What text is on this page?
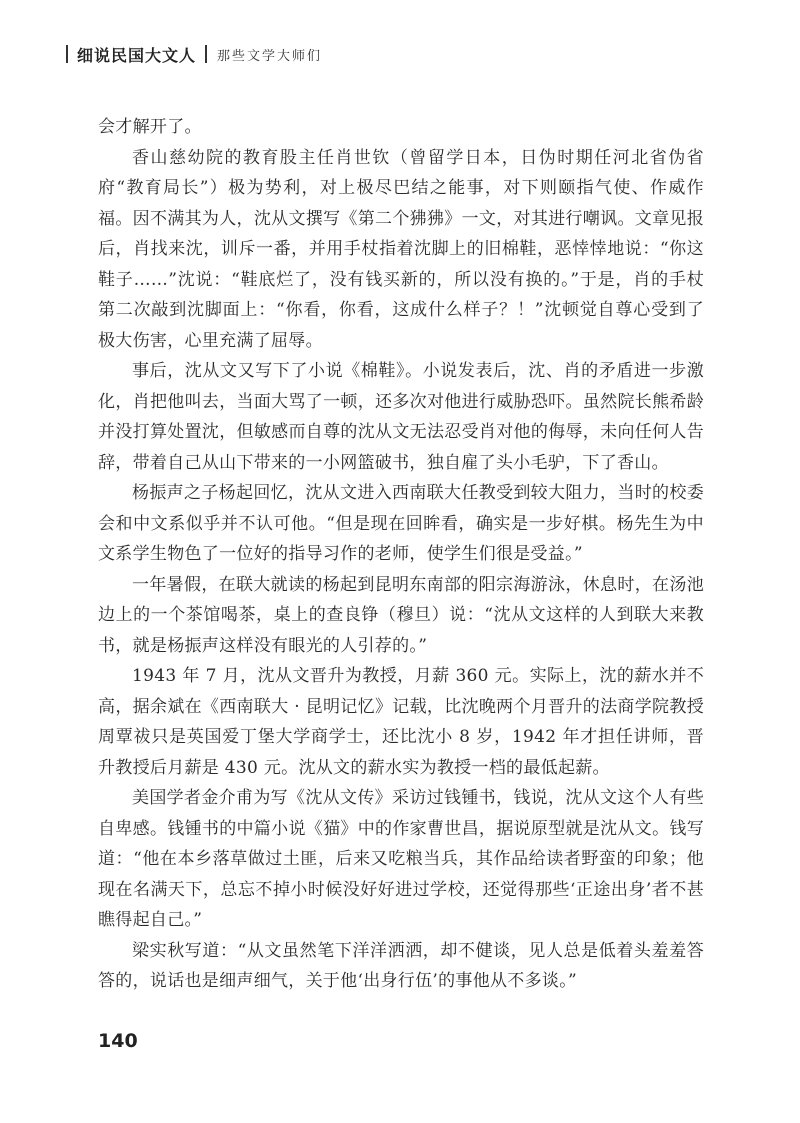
细说民国大文人 那些文学大师们

会才解开了。

香山慈幼院的教育股主任肖世钦（曾留学日本，日伪时期任河北省伪省府“教育局长”）极为势利，对上极尽巴结之能事，对下则颐指气使、作威作福。因不满其为人，沈从文撰写《第二个狒狒》一文，对其进行嘲讽。文章见报后，肖找来沈，训斥一番，并用手杖指着沈脚上的旧棉鞋，恶悻悻地说：“你这鞋子……”沈说：“鞋底烂了，没有钱买新的，所以没有换的。”于是，肖的手杖第二次敲到沈脚面上：“你看，你看，这成什么样子？！”沈顿觉自尊心受到了极大伤害，心里充满了屈辱。

事后，沈从文又写下了小说《棉鞋》。小说发表后，沈、肖的矛盾进一步激化，肖把他叫去，当面大骂了一顿，还多次对他进行威胁恐吓。虽然院长熊希龄并没打算处置沈，但敏感而自尊的沈从文无法忍受肖对他的侮辱，未向任何人告辞，带着自己从山下带来的一小网篮破书，独自雇了头小毛驴，下了香山。

杨振声之子杨起回忆，沈从文进入西南联大任教受到较大阻力，当时的校委会和中文系似乎并不认可他。“但是现在回眸看，确实是一步好棋。杨先生为中文系学生物色了一位好的指导习作的老师，使学生们很是受益。”

一年暑假，在联大就读的杨起到昆明东南部的阳宗海游泳，休息时，在汤池边上的一个茶馆喝茶，桌上的查良铮（穆旦）说：“沈从文这样的人到联大来教书，就是杨振声这样没有眼光的人引荐的。”

1943 年 7 月，沈从文晋升为教授，月薪 360 元。实际上，沈的薪水并不高，据余斌在《西南联大 · 昆明记忆》记载，比沈晚两个月晋升的法商学院教授周覃祓只是英国爱丁堡大学商学士，还比沈小 8 岁，1942 年才担任讲师，晋升教授后月薪是 430 元。沈从文的薪水实为教授一档的最低起薪。

美国学者金介甫为写《沈从文传》采访过钱锺书，钱说，沈从文这个人有些自卑感。钱锺书的中篇小说《猫》中的作家曹世昌，据说原型就是沈从文。钱写道：“他在本乡落草做过土匪，后来又吃粮当兵，其作品给读者野蛮的印象；他现在名满天下，总忘不掉小时候没好好进过学校，还觉得那些‘正途出身’者不甚瞧得起自己。”

梁实秋写道：“从文虽然笔下洋洋洒洒，却不健谈，见人总是低着头羞羞答答的，说话也是细声细气，关于他‘出身行伍’的事他从不多谈。”

140
